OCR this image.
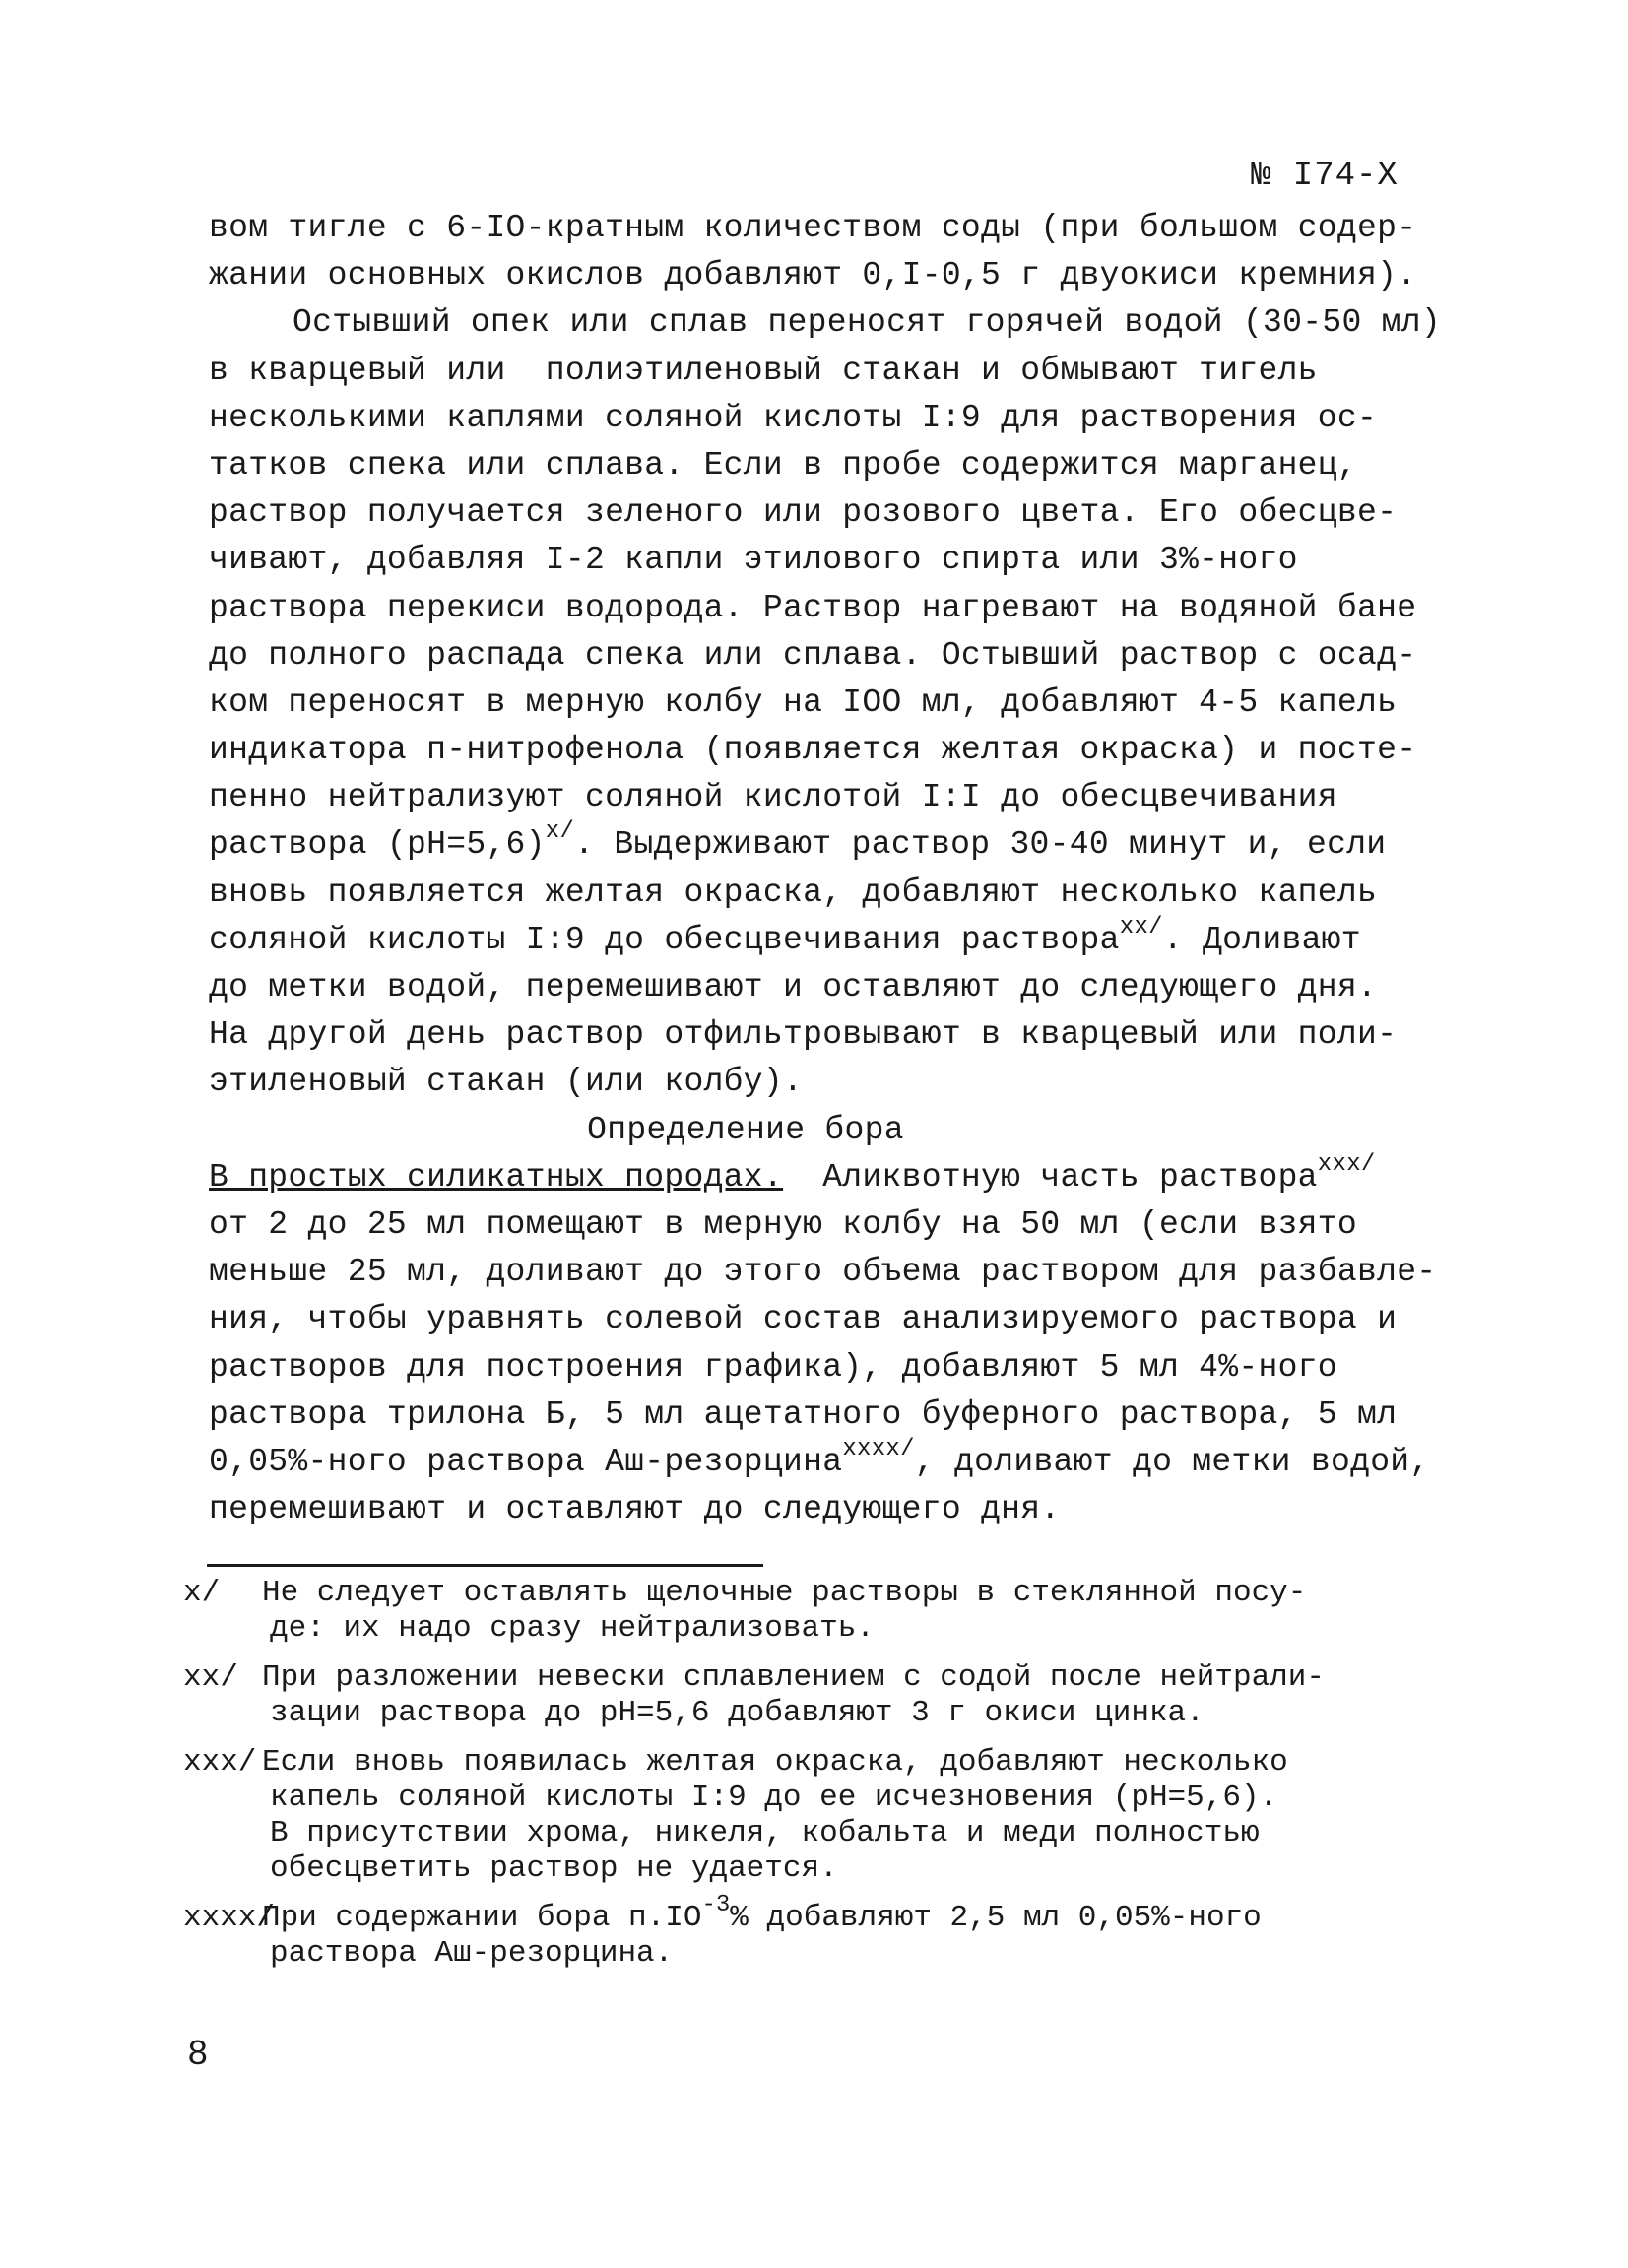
№ I74-Х
вом тигле с 6-IO-кратным количеством соды (при большом содер-
жании основных окислов добавляют 0,I-0,5 г двуокиси кремния).
Остывший опек или сплав переносят горячей водой (30-50 мл)
в кварцевый или  полиэтиленовый стакан и обмывают тигель
несколькими каплями соляной кислоты I:9 для растворения ос-
татков спека или сплава. Если в пробе содержится марганец,
раствор получается зеленого или розового цвета. Его обесцве-
чивают, добавляя I-2 капли этилового спирта или 3%-ного
раствора перекиси водорода. Раствор нагревают на водяной бане
до полного распада спека или сплава. Остывший раствор с осад-
ком переносят в мерную колбу на IOO мл, добавляют 4-5 капель
индикатора п-нитрофенола (появляется желтая окраска) и посте-
пенно нейтрализуют соляной кислотой I:I до обесцвечивания
раствора (рН=5,6)$^{х/}$. Выдерживают раствор 30-40 минут и, если
вновь появляется желтая окраска, добавляют несколько капель
соляной кислоты I:9 до обесцвечивания раствора$^{хх/}$. Доливают
до метки водой, перемешивают и оставляют до следующего дня.
На другой день раствор отфильтровывают в кварцевый или поли-
этиленовый стакан (или колбу).
Определение бора
В простых силикатных породах.  Аликвотную часть раствора$^{ххх/}$
от 2 до 25 мл помещают в мерную колбу на 50 мл (если взято
меньше 25 мл, доливают до этого объема раствором для разбавле-
ния, чтобы уравнять солевой состав анализируемого раствора и
растворов для построения графика), добавляют 5 мл 4%-ного
раствора трилона Б, 5 мл ацетатного буферного раствора, 5 мл
0,05%-ного раствора Аш-резорцина$^{хххх/}$, доливают до метки водой,
перемешивают и оставляют до следующего дня.
х/ Не следует оставлять щелочные растворы в стеклянной посу-
де: их надо сразу нейтрализовать.
хх/ При разложении невески сплавлением с содой после нейтрали-
зации раствора до рН=5,6 добавляют 3 г окиси цинка.
ххх/ Если вновь появилась желтая окраска, добавляют несколько
капель соляной кислоты I:9 до ее исчезновения (рН=5,6).
В присутствии хрома, никеля, кобальта и меди полностью
обесцветить раствор не удается.
хххх/При содержании бора $п.IO^{-3}\%$ добавляют 2,5 мл 0,05%-ного
раствора Аш-резорцина.
8
